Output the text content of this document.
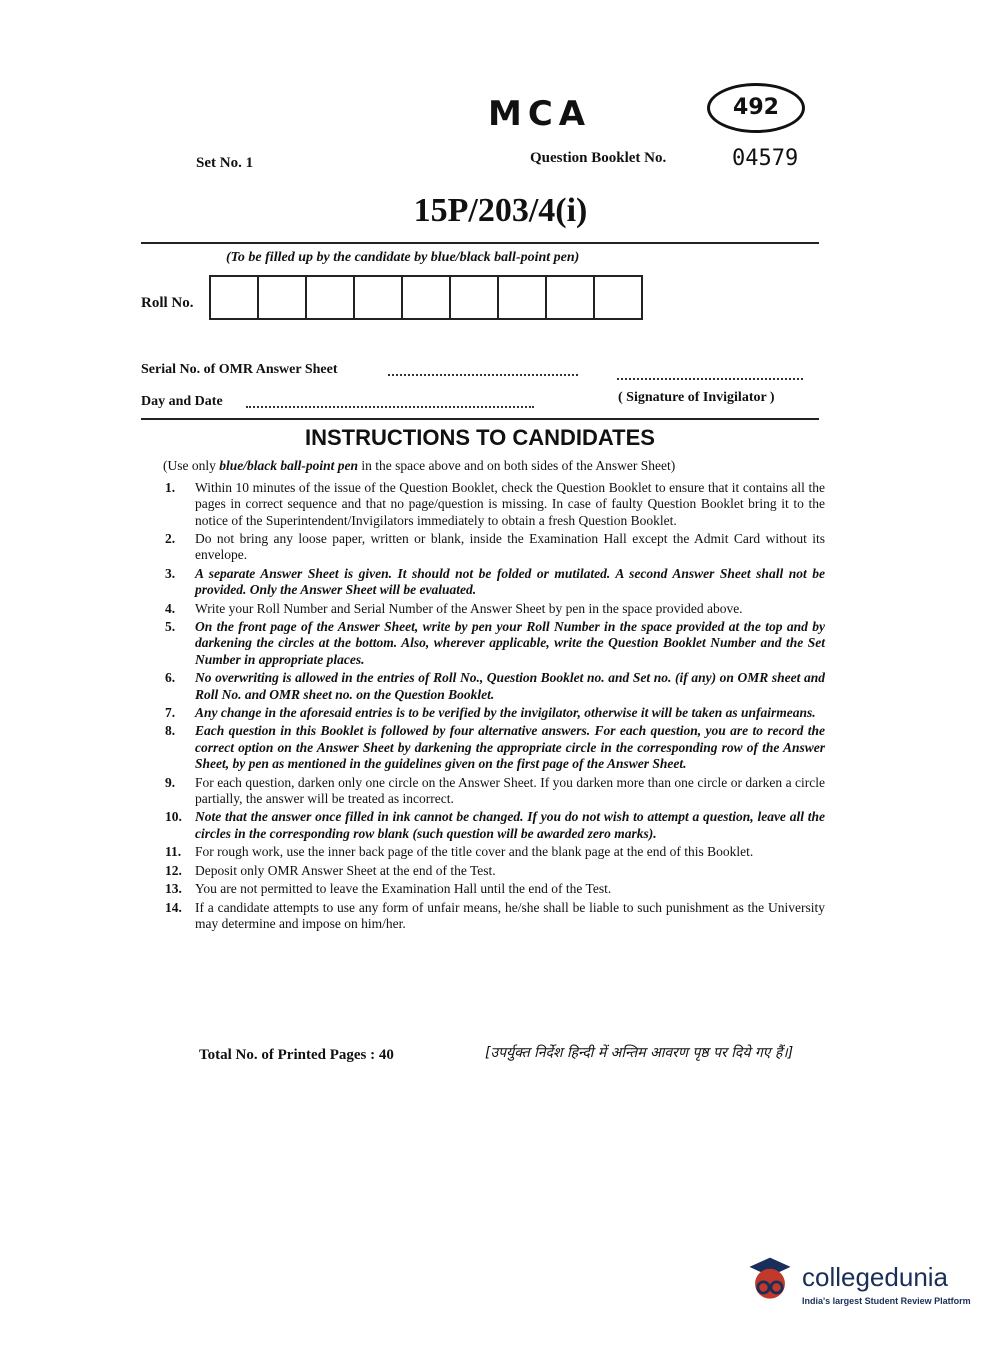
MCA	492
Set No. 1	Question Booklet No.	04579
15P/203/4(i)
(To be filled up by the candidate by blue/black ball-point pen)
Roll No.
Serial No. of OMR Answer Sheet
Day and Date	( Signature of Invigilator )
INSTRUCTIONS TO CANDIDATES
(Use only blue/black ball-point pen in the space above and on both sides of the Answer Sheet)
1.	Within 10 minutes of the issue of the Question Booklet, check the Question Booklet to ensure that it contains all the pages in correct sequence and that no page/question is missing. In case of faulty Question Booklet bring it to the notice of the Superintendent/Invigilators immediately to obtain a fresh Question Booklet.
2.	Do not bring any loose paper, written or blank, inside the Examination Hall except the Admit Card without its envelope.
3.	A separate Answer Sheet is given. It should not be folded or mutilated. A second Answer Sheet shall not be provided. Only the Answer Sheet will be evaluated.
4.	Write your Roll Number and Serial Number of the Answer Sheet by pen in the space provided above.
5.	On the front page of the Answer Sheet, write by pen your Roll Number in the space provided at the top and by darkening the circles at the bottom. Also, wherever applicable, write the Question Booklet Number and the Set Number in appropriate places.
6.	No overwriting is allowed in the entries of Roll No., Question Booklet no. and Set no. (if any) on OMR sheet and Roll No. and OMR sheet no. on the Question Booklet.
7.	Any change in the aforesaid entries is to be verified by the invigilator, otherwise it will be taken as unfairmeans.
8.	Each question in this Booklet is followed by four alternative answers. For each question, you are to record the correct option on the Answer Sheet by darkening the appropriate circle in the corresponding row of the Answer Sheet, by pen as mentioned in the guidelines given on the first page of the Answer Sheet.
9.	For each question, darken only one circle on the Answer Sheet. If you darken more than one circle or darken a circle partially, the answer will be treated as incorrect.
10. Note that the answer once filled in ink cannot be changed. If you do not wish to attempt a question, leave all the circles in the corresponding row blank (such question will be awarded zero marks).
11.	For rough work, use the inner back page of the title cover and the blank page at the end of this Booklet.
12. Deposit only OMR Answer Sheet at the end of the Test.
13. You are not permitted to leave the Examination Hall until the end of the Test.
14. If a candidate attempts to use any form of unfair means, he/she shall be liable to such punishment as the University may determine and impose on him/her.
Total No. of Printed Pages : 40	[उपर्युक्त निर्देश हिन्दी में अन्तिम आवरण पृष्ठ पर दिये गए हैं।]
collegedunia
India's largest Student Review Platform
